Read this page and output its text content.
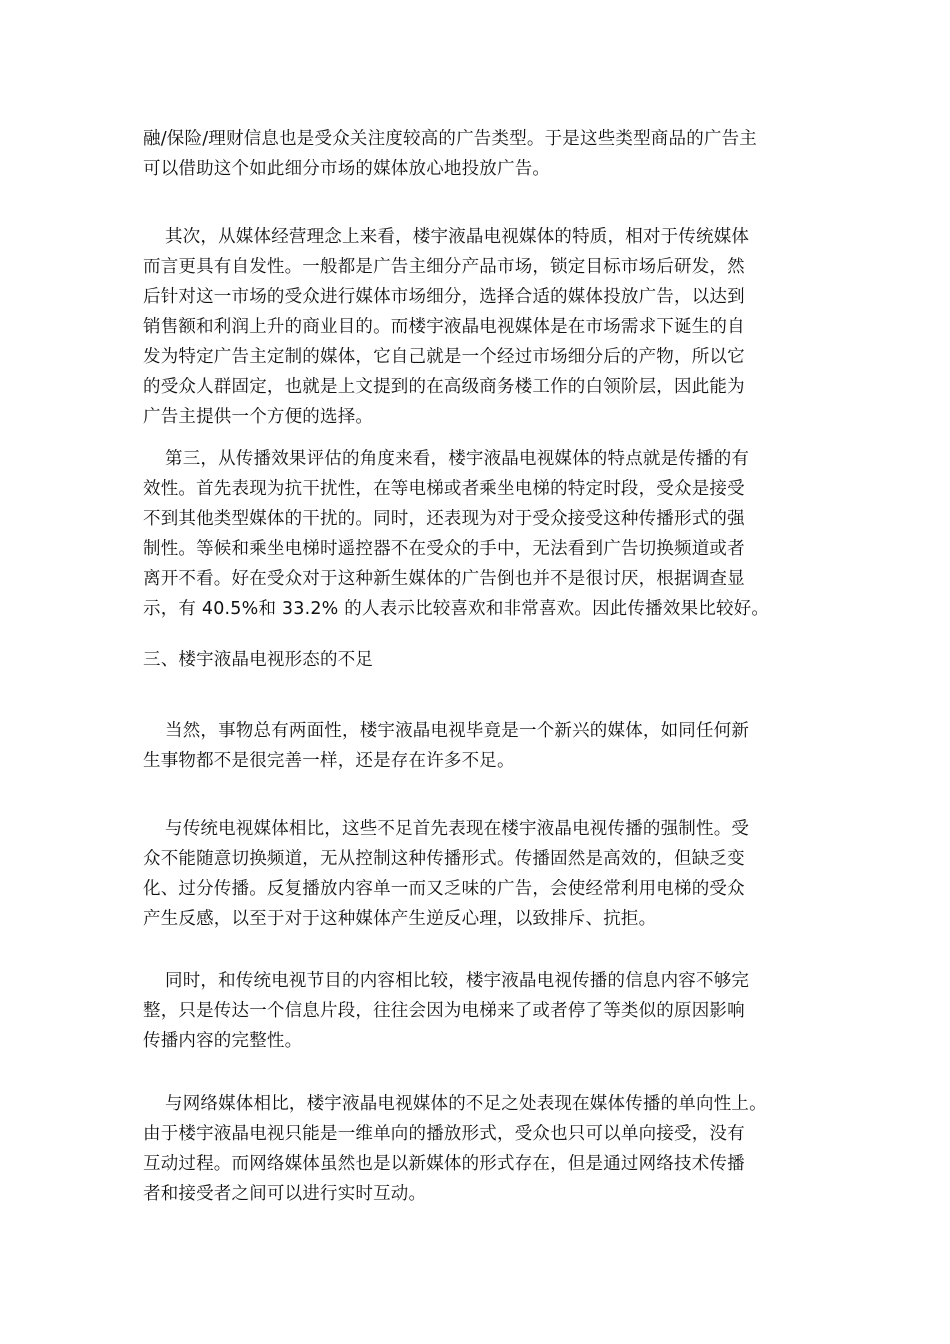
融/保险/理财信息也是受众关注度较高的广告类型。于是这些类型商品的广告主
可以借助这个如此细分市场的媒体放心地投放广告。
其次，从媒体经营理念上来看，楼宇液晶电视媒体的特质，相对于传统媒体
而言更具有自发性。一般都是广告主细分产品市场，锁定目标市场后研发，然
后针对这一市场的受众进行媒体市场细分，选择合适的媒体投放广告，以达到
销售额和利润上升的商业目的。而楼宇液晶电视媒体是在市场需求下诞生的自
发为特定广告主定制的媒体，它自己就是一个经过市场细分后的产物，所以它
的受众人群固定，也就是上文提到的在高级商务楼工作的白领阶层，因此能为
广告主提供一个方便的选择。
第三，从传播效果评估的角度来看，楼宇液晶电视媒体的特点就是传播的有
效性。首先表现为抗干扰性，在等电梯或者乘坐电梯的特定时段，受众是接受
不到其他类型媒体的干扰的。同时，还表现为对于受众接受这种传播形式的强
制性。等候和乘坐电梯时遥控器不在受众的手中，无法看到广告切换频道或者
离开不看。好在受众对于这种新生媒体的广告倒也并不是很讨厌，根据调查显
示，有 40.5%和 33.2% 的人表示比较喜欢和非常喜欢。因此传播效果比较好。
三、楼宇液晶电视形态的不足
当然，事物总有两面性，楼宇液晶电视毕竟是一个新兴的媒体，如同任何新
生事物都不是很完善一样，还是存在许多不足。
与传统电视媒体相比，这些不足首先表现在楼宇液晶电视传播的强制性。受
众不能随意切换频道，无从控制这种传播形式。传播固然是高效的，但缺乏变
化、过分传播。反复播放内容单一而又乏味的广告，会使经常利用电梯的受众
产生反感，以至于对于这种媒体产生逆反心理，以致排斥、抗拒。
同时，和传统电视节目的内容相比较，楼宇液晶电视传播的信息内容不够完
整，只是传达一个信息片段，往往会因为电梯来了或者停了等类似的原因影响
传播内容的完整性。
与网络媒体相比，楼宇液晶电视媒体的不足之处表现在媒体传播的单向性上。
由于楼宇液晶电视只能是一维单向的播放形式，受众也只可以单向接受，没有
互动过程。而网络媒体虽然也是以新媒体的形式存在，但是通过网络技术传播
者和接受者之间可以进行实时互动。
